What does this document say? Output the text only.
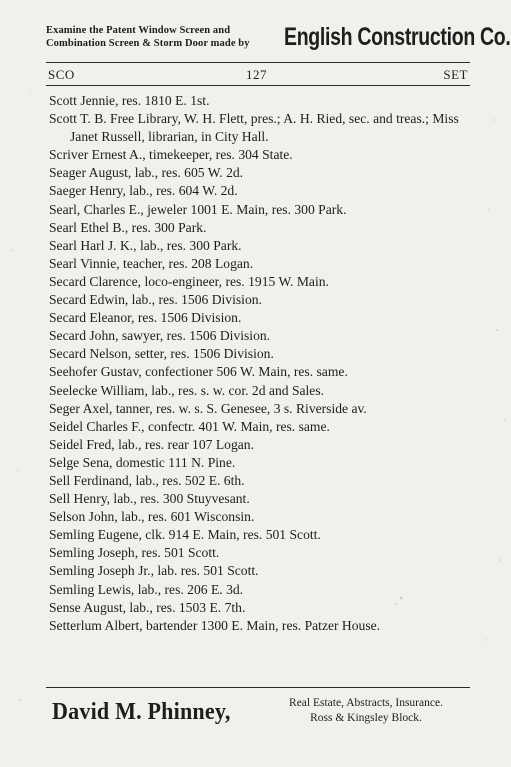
Examine the Patent Window Screen and
Combination Screen & Storm Door made by	English Construction Co.
SCO	127	SET
Scott Jennie, res. 1810 E. 1st.
Scott T. B. Free Library, W. H. Flett, pres.; A. H. Ried, sec. and treas.; Miss Janet Russell, librarian, in City Hall.
Scriver Ernest A., timekeeper, res. 304 State.
Seager August, lab., res. 605 W. 2d.
Saeger Henry, lab., res. 604 W. 2d.
Searl, Charles E., jeweler 1001 E. Main, res. 300 Park.
Searl Ethel B., res. 300 Park.
Searl Harl J. K., lab., res. 300 Park.
Searl Vinnie, teacher, res. 208 Logan.
Secard Clarence, loco-engineer, res. 1915 W. Main.
Secard Edwin, lab., res. 1506 Division.
Secard Eleanor, res. 1506 Division.
Secard John, sawyer, res. 1506 Division.
Secard Nelson, setter, res. 1506 Division.
Seehofer Gustav, confectioner 506 W. Main, res. same.
Seelecke William, lab., res. s. w. cor. 2d and Sales.
Seger Axel, tanner, res. w. s. S. Genesee, 3 s. Riverside av.
Seidel Charles F., confectr. 401 W. Main, res. same.
Seidel Fred, lab., res. rear 107 Logan.
Selge Sena, domestic 111 N. Pine.
Sell Ferdinand, lab., res. 502 E. 6th.
Sell Henry, lab., res. 300 Stuyvesant.
Selson John, lab., res. 601 Wisconsin.
Semling Eugene, clk. 914 E. Main, res. 501 Scott.
Semling Joseph, res. 501 Scott.
Semling Joseph Jr., lab. res. 501 Scott.
Semling Lewis, lab., res. 206 E. 3d.
Sense August, lab., res. 1503 E. 7th.
Setterlum Albert, bartender 1300 E. Main, res. Patzer House.
David M. Phinney,	Real Estate, Abstracts, Insurance.
Ross & Kingsley Block.
